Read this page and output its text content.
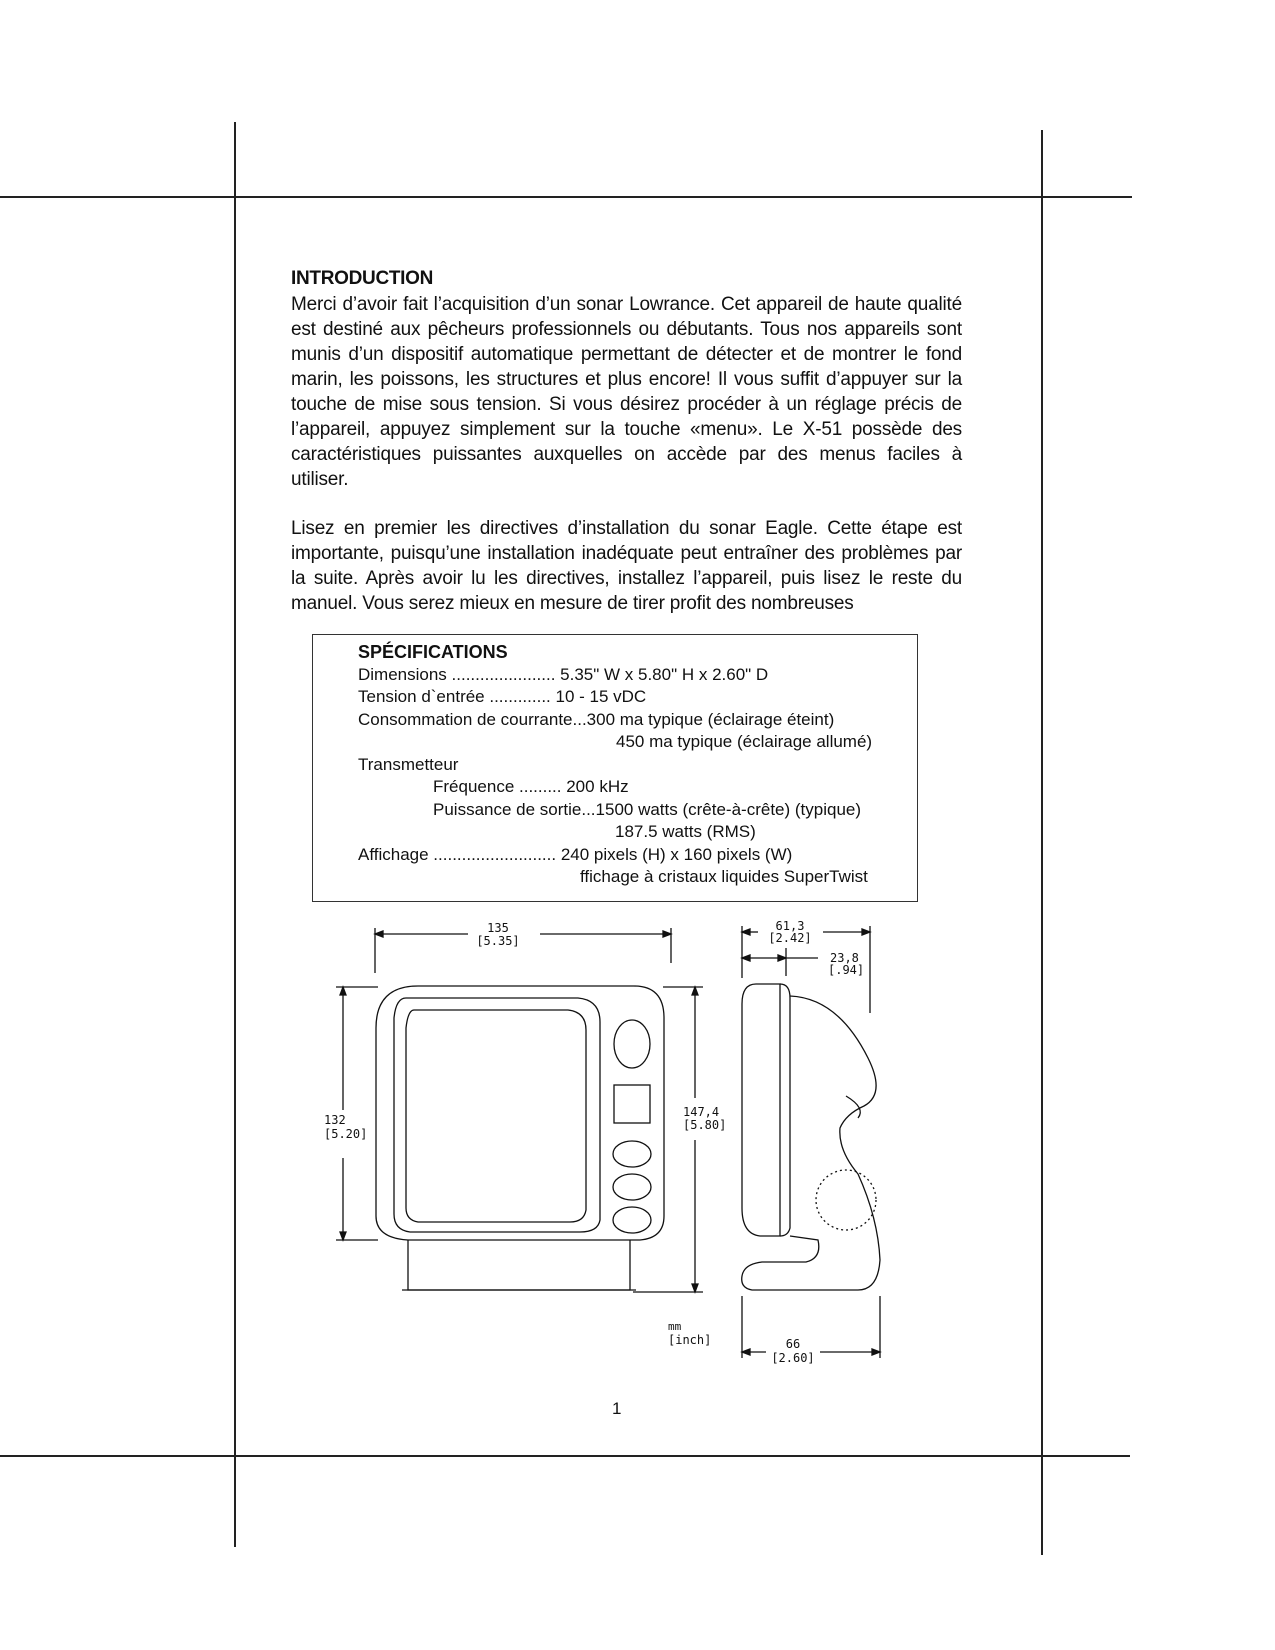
INTRODUCTION

Merci d’avoir fait l’acquisition d’un sonar Lowrance. Cet appareil de haute qualité est destiné aux pêcheurs professionnels ou débutants. Tous nos appareils sont munis d’un dispositif automatique permettant de détecter et de montrer le fond marin, les poissons, les structures et plus encore! Il vous suffit d’appuyer sur la touche de mise sous tension. Si vous désirez procéder à un réglage précis de l’appareil, appuyez simplement sur la touche «menu». Le X-51 possède des caractéristiques puissantes auxquelles on accède par des menus faciles à utiliser.

Lisez en premier les directives d’installation du sonar Eagle. Cette étape est importante, puisqu’une installation inadéquate peut entraîner des problèmes par la suite. Après avoir lu les directives, installez l’appareil, puis lisez le reste du manuel. Vous serez mieux en mesure de tirer profit des nombreuses

SPÉCIFICATIONS
Dimensions ...................... 5.35" W x 5.80" H x 2.60" D
Tension d`entrée ............. 10 - 15 vDC
Consommation de courrante...300 ma typique (éclairage éteint)
450 ma typique (éclairage allumé)
Transmetteur
Fréquence ......... 200 kHz
Puissance de sortie...1500 watts (crête-à-crête) (typique)
187.5 watts (RMS)
Affichage .......................... 240 pixels (H) x 160 pixels (W)
ffichage à cristaux liquides SuperTwist
135
[5.35]
132
[5.20]
147,4
[5.80]
61,3
[2.42]
23,8
[.94]
66
[2.60]
mm
[inch]
1
